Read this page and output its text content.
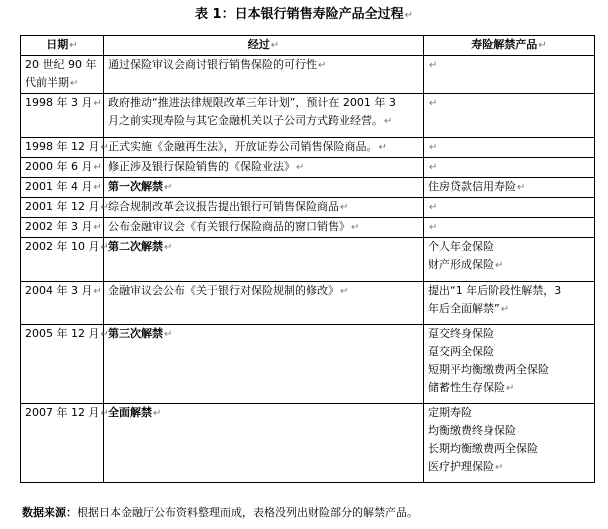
表 1：日本银行销售寿险产品全过程↵
日期↵	经过↵	寿险解禁产品↵

20 世纪 90 年
代前半期↵	通过保险审议会商讨银行销售保险的可行性↵	↵

1998 年 3 月↵	政府推动“推进法律规限改革三年计划”，预计在 2001 年 3
月之前实现寿险与其它金融机关以子公司方式跨业经营。↵	↵

1998 年 12 月↵	正式实施《金融再生法》，开放证券公司销售保险商品。↵	↵

2000 年 6 月↵	修正涉及银行保险销售的《保险业法》↵	↵

2001 年 4 月↵	第一次解禁↵	住房贷款信用寿险↵

2001 年 12 月↵	综合规制改革会议报告提出银行可销售保险商品↵	↵

2002 年 3 月↵	公布金融审议会《有关银行保险商品的窗口销售》↵	↵

2002 年 10 月↵	第二次解禁↵	个人年金保险
财产形成保险↵

2004 年 3 月↵	金融审议会公布《关于银行对保险规制的修改》↵	提出“1 年后阶段性解禁，3
年后全面解禁”↵

2005 年 12 月↵	第三次解禁↵	趸交终身保险
趸交两全保险
短期平均衡缴费两全保险
储蓄性生存保险↵

2007 年 12 月↵	全面解禁↵	定期寿险
均衡缴费终身保险
长期均衡缴费两全保险
医疗护理保险↵
数据来源：根据日本金融厅公布资料整理而成，表格没列出财险部分的解禁产品。
